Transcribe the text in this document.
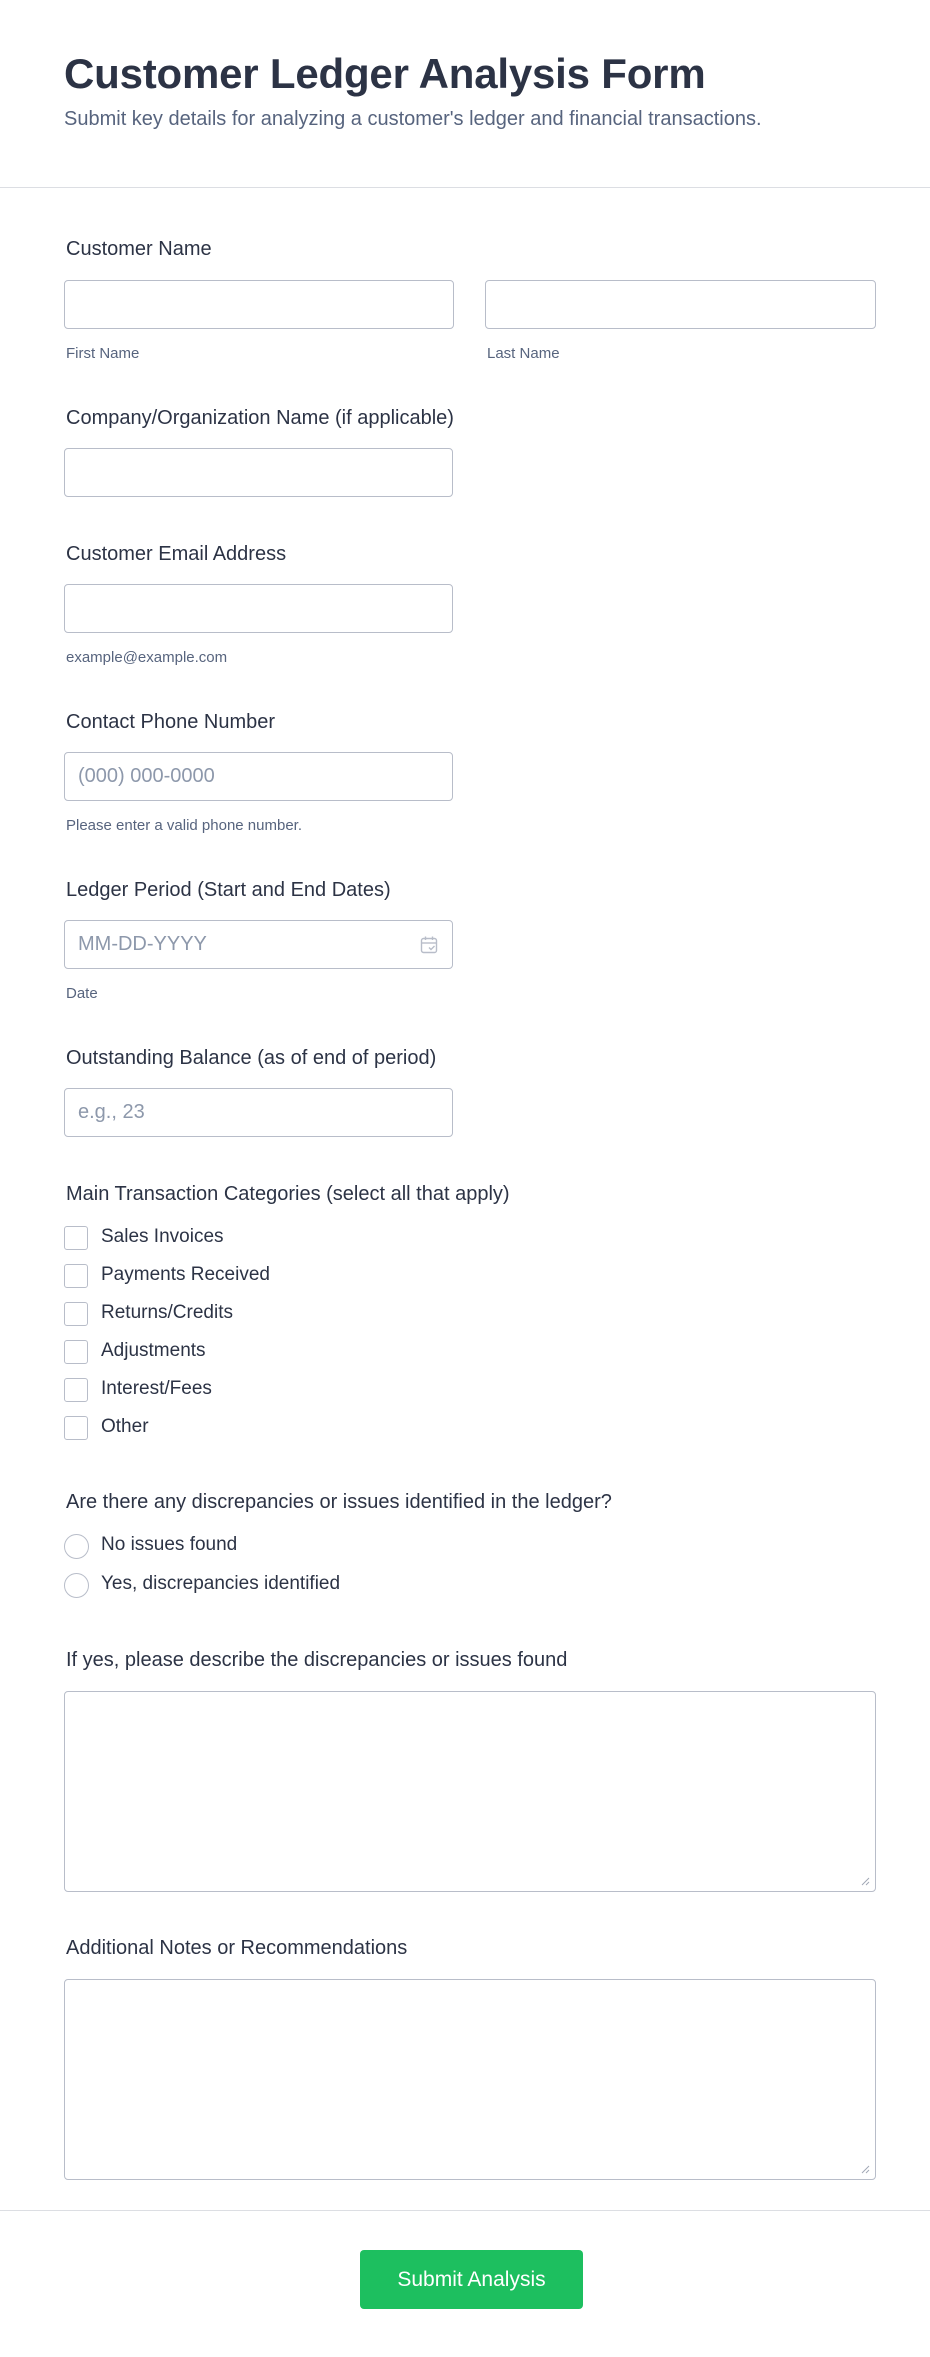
Customer Ledger Analysis Form
Submit key details for analyzing a customer's ledger and financial transactions.
Customer Name
First Name	Last Name
Company/Organization Name (if applicable)
Customer Email Address
example@example.com
Contact Phone Number
(000) 000-0000
Please enter a valid phone number.
Ledger Period (Start and End Dates)
MM-DD-YYYY
Date
Outstanding Balance (as of end of period)
e.g., 23
Main Transaction Categories (select all that apply)
Sales Invoices
Payments Received
Returns/Credits
Adjustments
Interest/Fees
Other
Are there any discrepancies or issues identified in the ledger?
No issues found
Yes, discrepancies identified
If yes, please describe the discrepancies or issues found
Additional Notes or Recommendations
Submit Analysis
